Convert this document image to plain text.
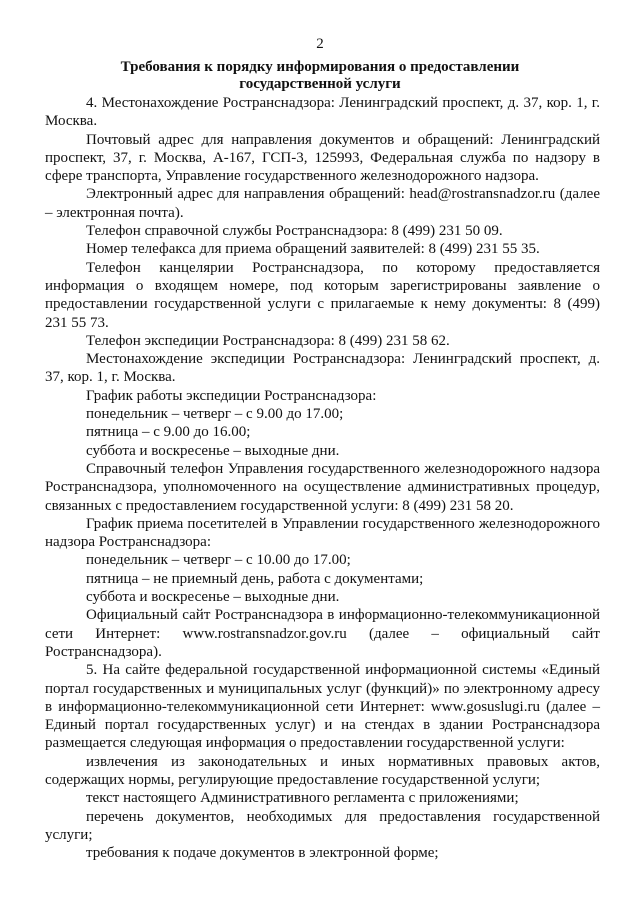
2
Требования к порядку информирования о предоставлении
государственной услуги

4. Местонахождение Ространснадзора: Ленинградский проспект, д. 37, кор. 1, г. Москва.

Почтовый адрес для направления документов и обращений: Ленинградский проспект, 37, г. Москва, А-167, ГСП-3, 125993, Федеральная служба по надзору в сфере транспорта, Управление государственного железнодорожного надзора.

Электронный адрес для направления обращений: head@rostransnadzor.ru (далее – электронная почта).

Телефон справочной службы Ространснадзора: 8 (499) 231 50 09.

Номер телефакса для приема обращений заявителей: 8 (499) 231 55 35.

Телефон канцелярии Ространснадзора, по которому предоставляется информация о входящем номере, под которым зарегистрированы заявление о предоставлении государственной услуги с прилагаемые к нему документы: 8 (499) 231 55 73.

Телефон экспедиции Ространснадзора: 8 (499) 231 58 62.

Местонахождение экспедиции Ространснадзора: Ленинградский проспект, д. 37, кор. 1, г. Москва.

График работы экспедиции Ространснадзора:

понедельник – четверг – с 9.00 до 17.00;

пятница – с 9.00 до 16.00;

суббота и воскресенье – выходные дни.

Справочный телефон Управления государственного железнодорожного надзора Ространснадзора, уполномоченного на осуществление административных процедур, связанных с предоставлением государственной услуги: 8 (499) 231 58 20.

График приема посетителей в Управлении государственного железнодорожного надзора Ространснадзора:

понедельник – четверг – с 10.00 до 17.00;

пятница – не приемный день, работа с документами;

суббота и воскресенье – выходные дни.

Официальный сайт Ространснадзора в информационно-телекоммуникационной сети Интернет: www.rostransnadzor.gov.ru (далее – официальный сайт Ространснадзора).

5. На сайте федеральной государственной информационной системы «Единый портал государственных и муниципальных услуг (функций)» по электронному адресу в информационно-телекоммуникационной сети Интернет: www.gosuslugi.ru (далее – Единый портал государственных услуг) и на стендах в здании Ространснадзора размещается следующая информация о предоставлении государственной услуги:

извлечения из законодательных и иных нормативных правовых актов, содержащих нормы, регулирующие предоставление государственной услуги;

текст настоящего Административного регламента с приложениями;

перечень документов, необходимых для предоставления государственной услуги;

требования к подаче документов в электронной форме;
